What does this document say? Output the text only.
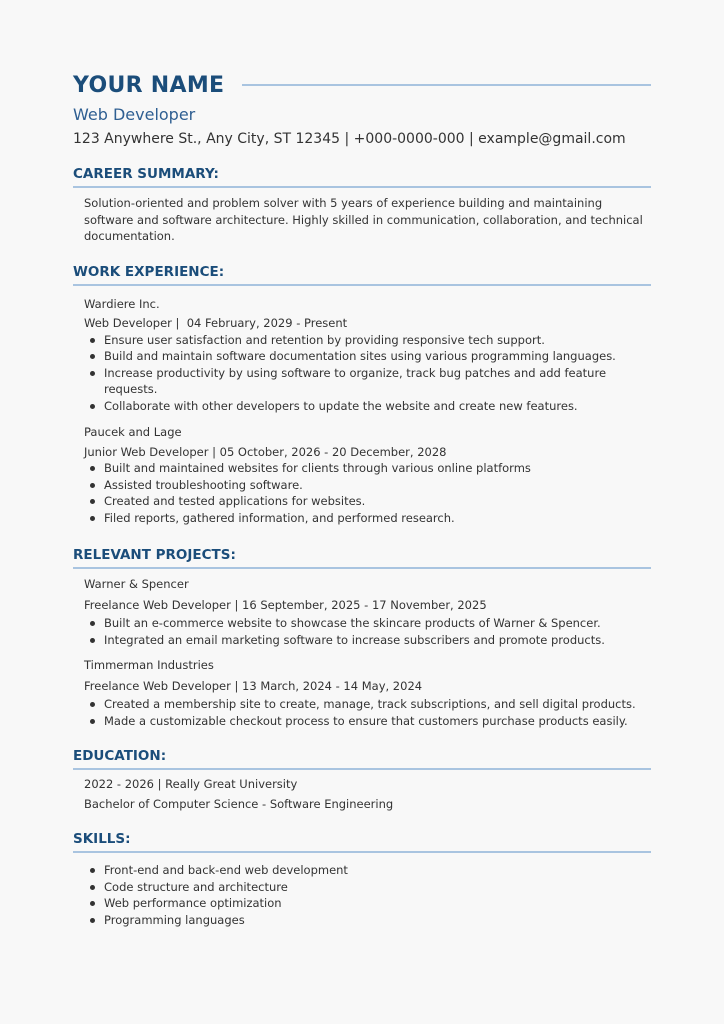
YOUR NAME
Web Developer
123 Anywhere St., Any City, ST 12345 | +000-0000-000 | example@gmail.com
CAREER SUMMARY:
Solution-oriented and problem solver with 5 years of experience building and maintaining software and software architecture. Highly skilled in communication, collaboration, and technical documentation.
WORK EXPERIENCE:
Wardiere Inc.
Web Developer |  04 February, 2029 - Present
Ensure user satisfaction and retention by providing responsive tech support.
Build and maintain software documentation sites using various programming languages.
Increase productivity by using software to organize, track bug patches and add feature requests.
Collaborate with other developers to update the website and create new features.
Paucek and Lage
Junior Web Developer | 05 October, 2026 - 20 December, 2028
Built and maintained websites for clients through various online platforms
Assisted troubleshooting software.
Created and tested applications for websites.
Filed reports, gathered information, and performed research.
RELEVANT PROJECTS:
Warner & Spencer
Freelance Web Developer | 16 September, 2025 - 17 November, 2025
Built an e-commerce website to showcase the skincare products of Warner & Spencer.
Integrated an email marketing software to increase subscribers and promote products.
Timmerman Industries
Freelance Web Developer | 13 March, 2024 - 14 May, 2024
Created a membership site to create, manage, track subscriptions, and sell digital products.
Made a customizable checkout process to ensure that customers purchase products easily.
EDUCATION:
2022 - 2026 | Really Great University
Bachelor of Computer Science - Software Engineering
SKILLS:
Front-end and back-end web development
Code structure and architecture
Web performance optimization
Programming languages
